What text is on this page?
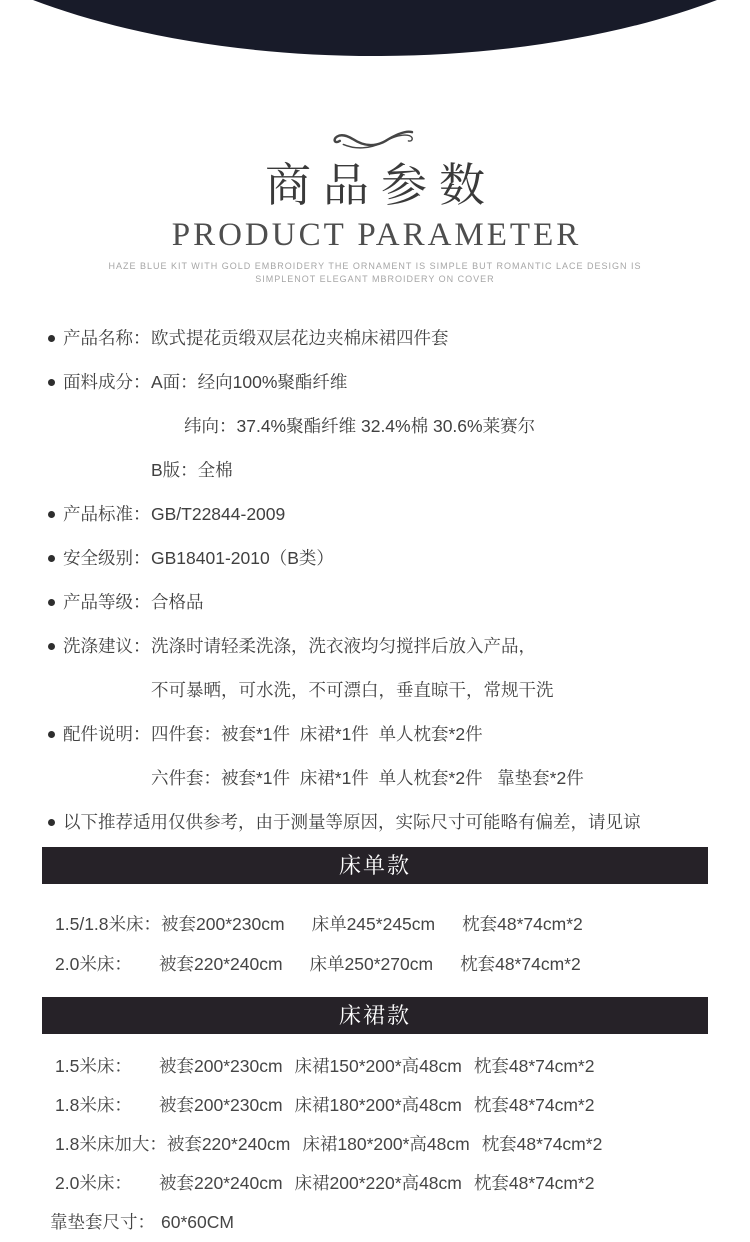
商品参数
PRODUCT PARAMETER

HAZE BLUE KIT WITH GOLD EMBROIDERY THE ORNAMENT IS SIMPLE BUT ROMANTIC LACE DESIGN IS

SIMPLENOT ELEGANT MBROIDERY ON COVER

产品名称： 欧式提花贡缎双层花边夹棉床裙四件套
面料成分： A面：经向100%聚酯纤维
纬向：37.4%聚酯纤维 32.4%棉 30.6%莱赛尔
B版：全棉
产品标准： GB/T22844-2009
安全级别： GB18401-2010（B类）
产品等级： 合格品
洗涤建议： 洗涤时请轻柔洗涤，洗衣液均匀搅拌后放入产品，
不可暴晒，可水洗，不可漂白，垂直晾干，常规干洗
配件说明： 四件套：被套*1件  床裙*1件  单人枕套*2件
六件套：被套*1件  床裙*1件  单人枕套*2件   靠垫套*2件
以下推荐适用仅供参考，由于测量等原因，实际尺寸可能略有偏差，请见谅
床单款
1.5/1.8米床： 被套200*230cm 床单245*245cm 枕套48*74cm*2
2.0米床：	被套220*240cm 床单250*270cm 枕套48*74cm*2
床裙款
1.5米床：	被套200*230cm 床裙150*200*高48cm 枕套48*74cm*2
1.8米床：	被套200*230cm 床裙180*200*高48cm 枕套48*74cm*2
1.8米床加大： 被套220*240cm 床裙180*200*高48cm 枕套48*74cm*2
2.0米床：	被套220*240cm 床裙200*220*高48cm 枕套48*74cm*2
靠垫套尺寸： 60*60CM
